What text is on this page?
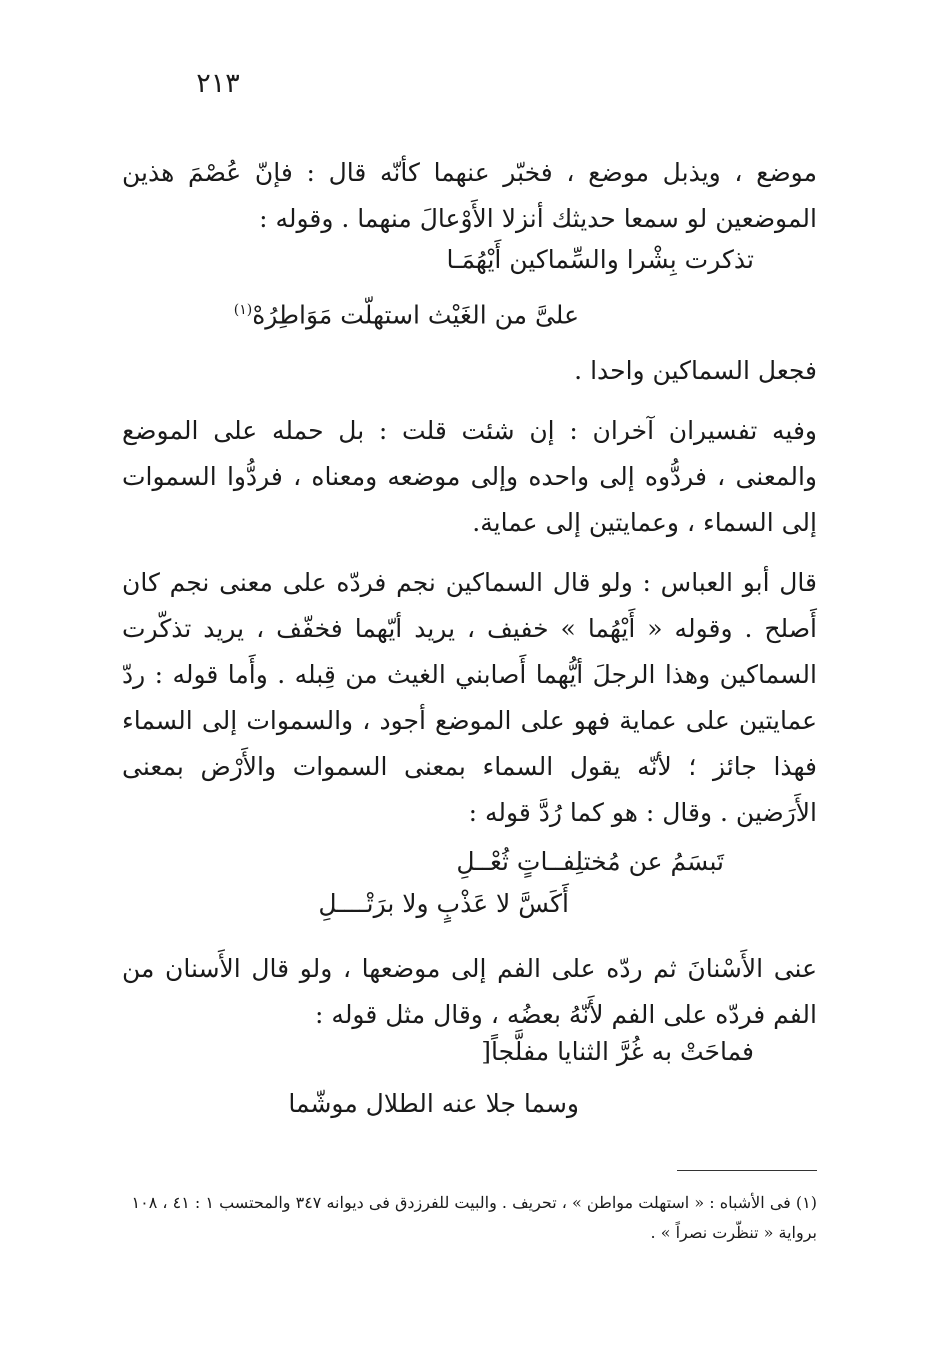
٢١٣

موضع ، ويذبل موضع ، فخبّر عنهما كأنّه قال : فإنّ عُصْمَ هذين الموضعين لو سمعا حديثك أنزلا الأَوْعالَ منهما . وقوله :

تذكرت بِشْرا والسِّماكين أَيْهُمَـا

علىَّ من الغَيْث استهلّت مَوَاطِرُهْ$^{(١)}$

فجعل السماكين واحدا .

وفيه تفسيران آخران : إن شئت قلت : بل حمله على الموضع والمعنى ، فردُّوه إلى واحده وإلى موضعه ومعناه ، فردُّوا السموات إلى السماء ، وعمايتين إلى عماية.

قال أبو العباس : ولو قال السماكين نجم فردّه على معنى نجم كان أَصلح . وقوله « أَيْهُما » خفيف ، يريد أيّهما فخفّف ، يريد تذكّرت السماكين وهذا الرجلَ أيُّهما أَصابني الغيث من قِبله . وأَما قوله : ردّ عمايتين على عماية فهو على الموضع أجود ، والسموات إلى السماء فهذا جائز ؛ لأنّه يقول السماء بمعنى السموات والأَرْض بمعنى الأَرَضين . وقال : هو كما رُدَّ قوله :

تَبسَمُ عن مُختلِفــاتٍ ثُعْــلِ

أَكَسَّ لا عَذْبٍ ولا برَتْــــلِ

عنى الأَسْنانَ ثم ردّه على الفم إلى موضعها ، ولو قال الأَسنان من الفم فردّه على الفم لأَنّهُ بعضُه ، وقال مثل قوله :

فماحَتْ به غُرَّ الثنايا مفلَّجاً[

وسما جلا عنه الطلال موشّما

(١) فى الأشباه : « استهلت مواطن » ، تحريف . والبيت للفرزدق فى ديوانه ٣٤٧ والمحتسب ١ : ٤١ ، ١٠٨

برواية « تنظّرت نصراً » .
